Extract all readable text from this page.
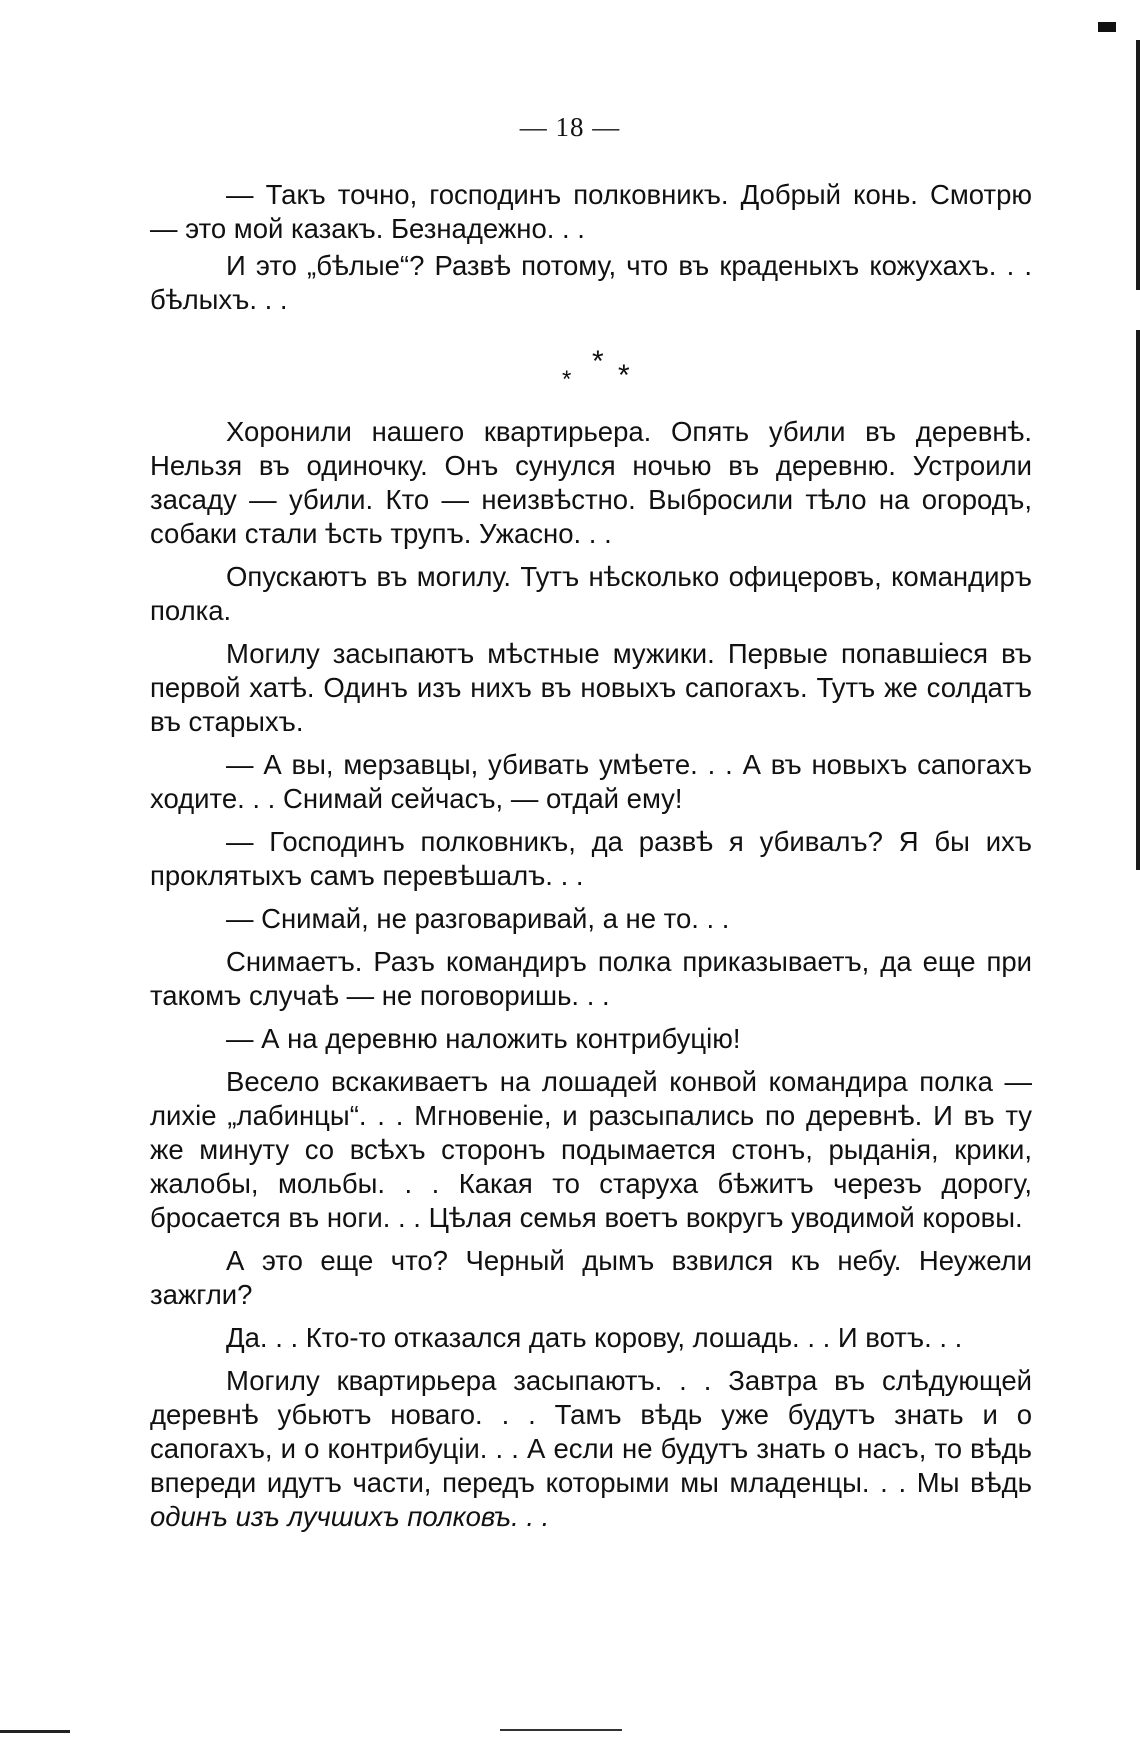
— 18 —

— Такъ точно, господинъ полковникъ. Добрый конь. Смотрю — это мой казакъ. Безнадежно. . .

И это „бѣлые“? Развѣ потому, что въ краденыхъ кожухахъ. . . бѣлыхъ. . .

*
* *

Хоронили нашего квартирьера. Опять убили въ деревнѣ. Нельзя въ одиночку. Онъ сунулся ночью въ деревню. Устроили засаду — убили. Кто — неизвѣстно. Выбросили тѣло на огородъ, собаки стали ѣсть трупъ. Ужасно. . .

Опускаютъ въ могилу. Тутъ нѣсколько офицеровъ, командиръ полка.

Могилу засыпаютъ мѣстные мужики. Первые попавшіеся въ первой хатѣ. Одинъ изъ нихъ въ новыхъ сапогахъ. Тутъ же солдатъ въ старыхъ.

— А вы, мерзавцы, убивать умѣете. . . А въ новыхъ сапогахъ ходите. . . Снимай сейчасъ, — отдай ему!

— Господинъ полковникъ, да развѣ я убивалъ? Я бы ихъ проклятыхъ самъ перевѣшалъ. . .

— Снимай, не разговаривай, а не то. . .

Снимаетъ. Разъ командиръ полка приказываетъ, да еще при такомъ случаѣ — не поговоришь. . .

— А на деревню наложить контрибуцію!

Весело вскакиваетъ на лошадей конвой командира полка — лихіе „лабинцы“. . . Мгновеніе, и разсыпались по деревнѣ. И въ ту же минуту со всѣхъ сторонъ подымается стонъ, рыданія, крики, жалобы, мольбы. . . Какая то старуха бѣжитъ черезъ дорогу, бросается въ ноги. . . Цѣлая семья воетъ вокругъ уводимой коровы.

А это еще что? Черный дымъ взвился къ небу. Неужели зажгли?

Да. . . Кто-то отказался дать корову, лошадь. . . И вотъ. . .

Могилу квартирьера засыпаютъ. . . Завтра въ слѣдующей деревнѣ убьютъ новаго. . . Тамъ вѣдь уже будутъ знать и о сапогахъ, и о контрибуціи. . . А если не будутъ знать о насъ, то вѣдь впереди идутъ части, передъ которыми мы младенцы. . . Мы вѣдь одинъ изъ лучшихъ полковъ. . .
